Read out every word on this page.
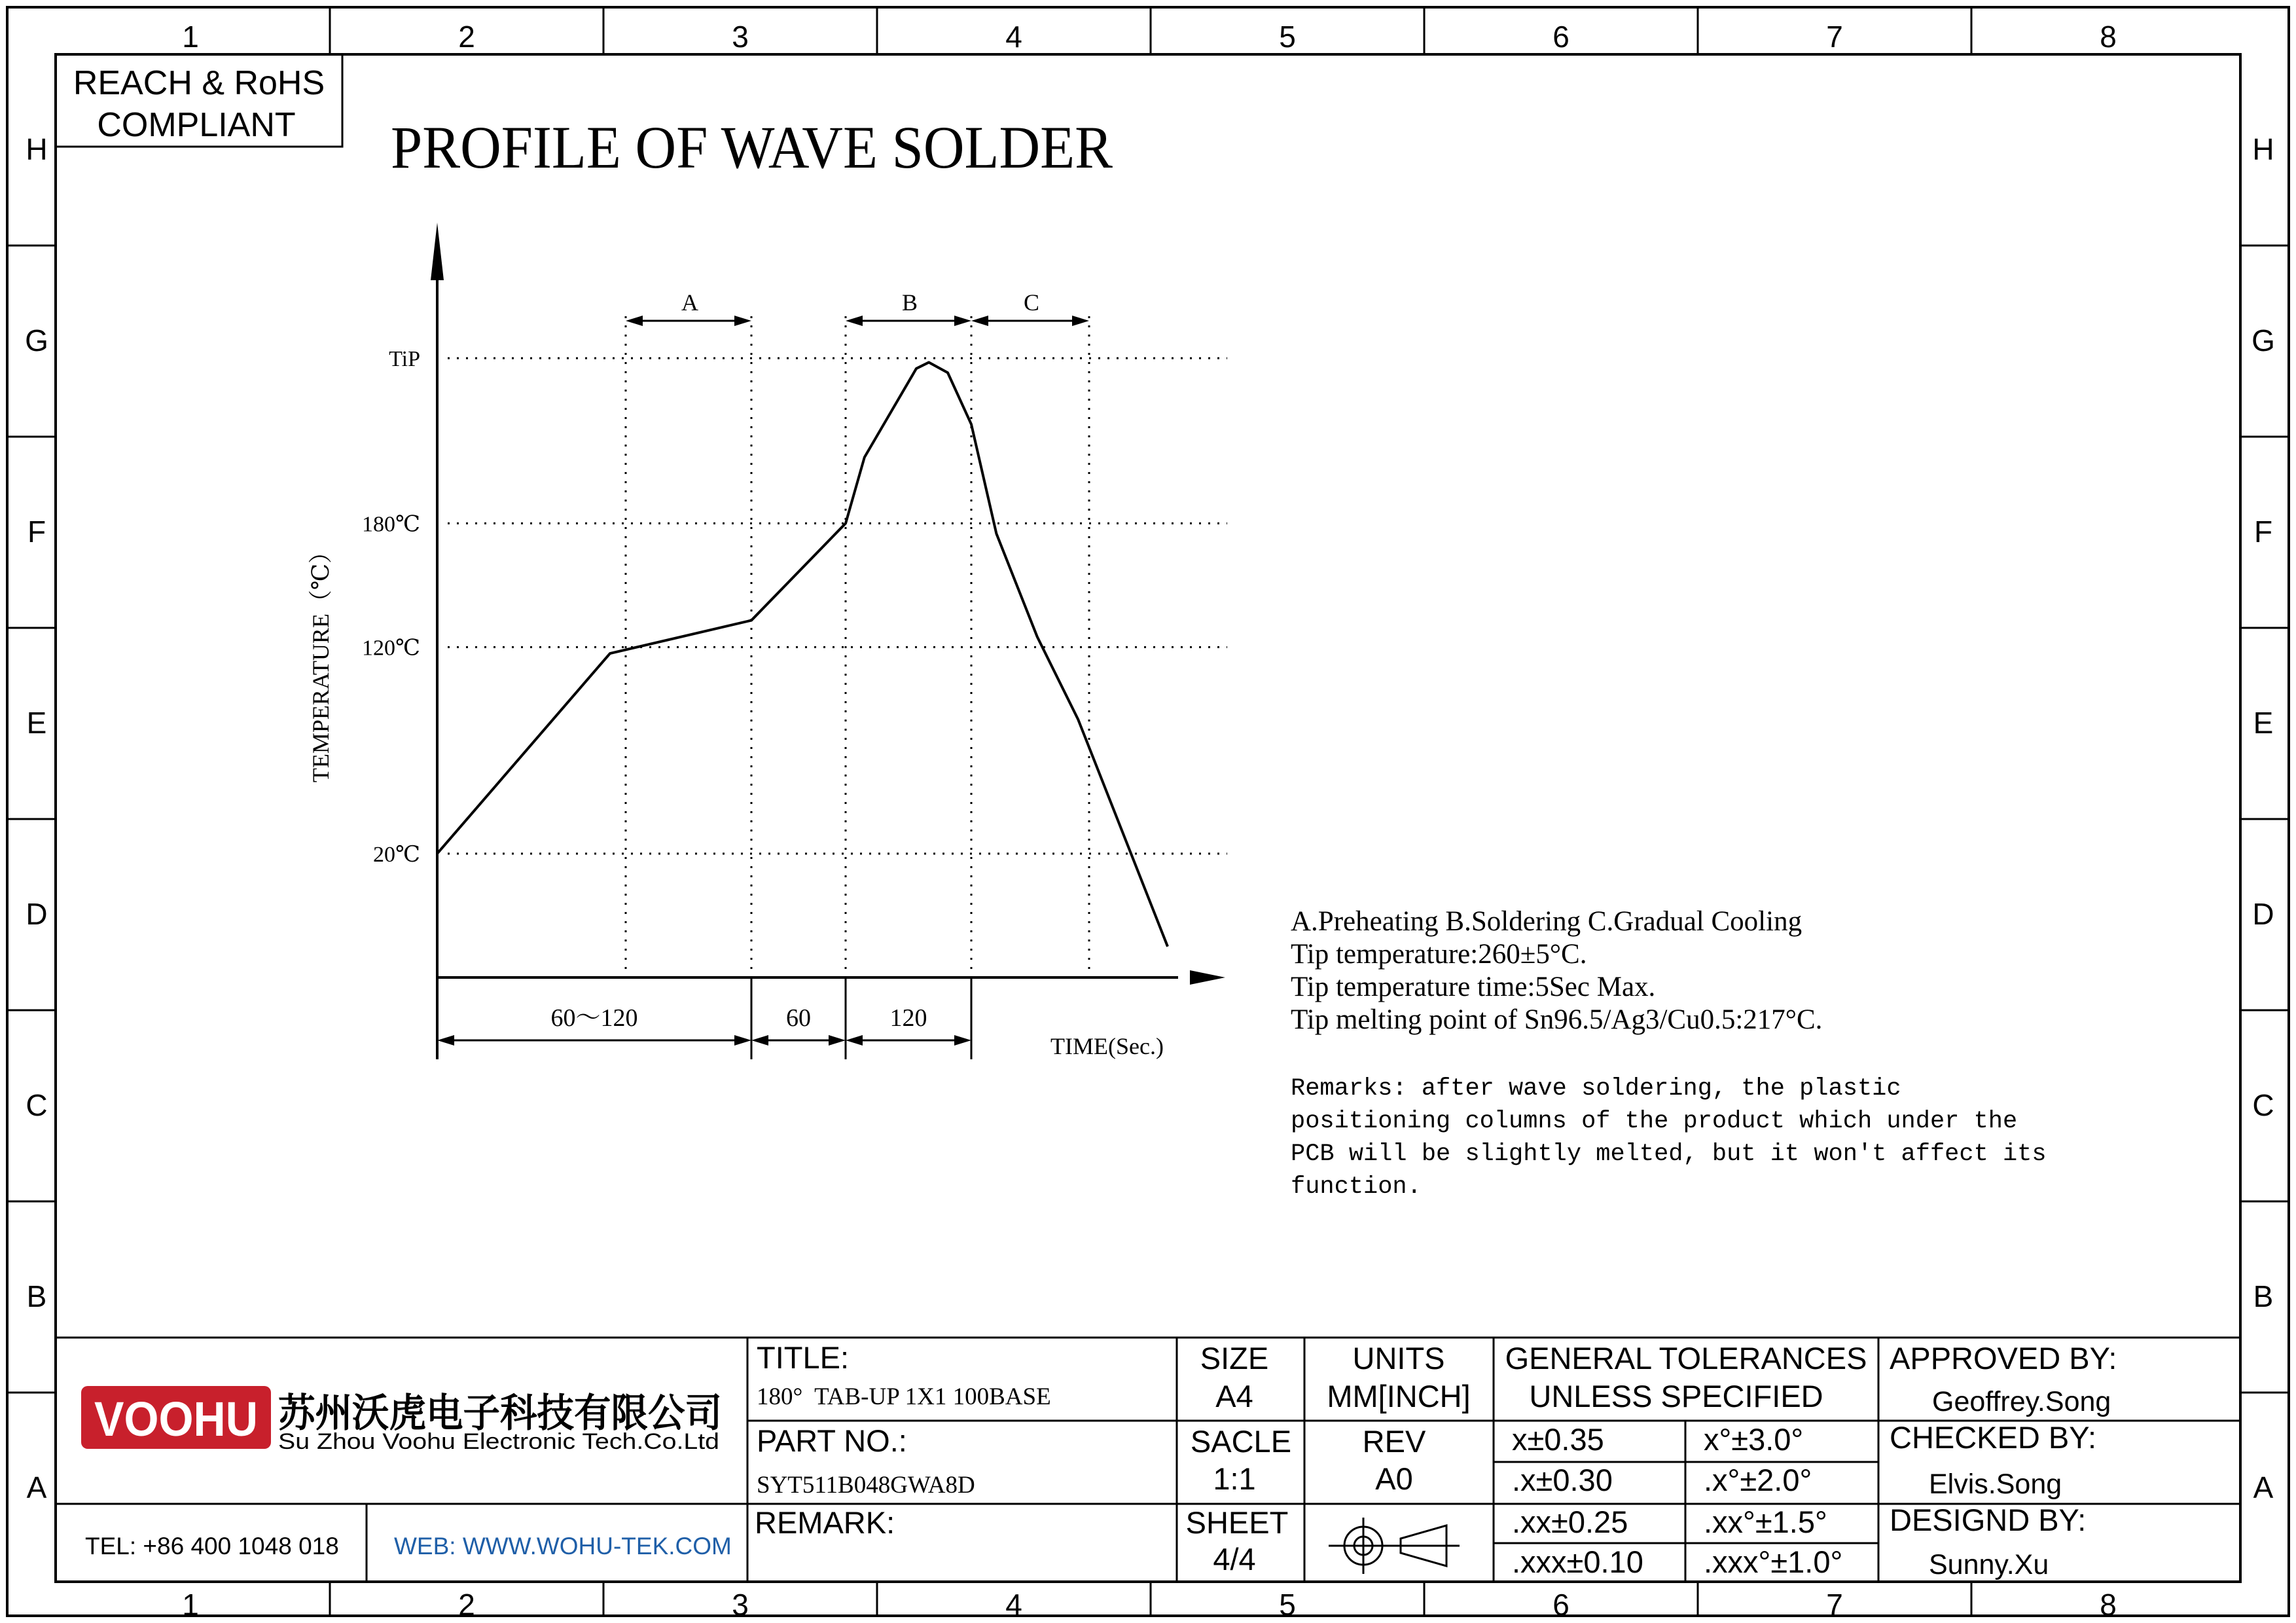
1
1
2
2
3
3
4
4
5
5
6
6
7
7
8
8
H	H
G	G
F	F
E	E
D	D
C	C
B	B
A	A
REACH & RoHS
COMPLIANT PROFILE OF WAVE SOLDER
A	B	C
60～120	60	120
TiP
180℃
120℃
20℃
TEMPERATURE（℃）
TIME(Sec.)
A.Preheating B.Soldering C.Gradual Cooling
Tip temperature:260±5°C.
Tip temperature time:5Sec Max.
Tip melting point of Sn96.5/Ag3/Cu0.5:217°C.
Remarks: after wave soldering, the plastic
positioning columns of the product which under the
PCB will be slightly melted, but it won't affect its
function.
VOOHU 苏州沃虎电子科技有限公司
Su Zhou Voohu Electronic Tech.Co.Ltd
TEL: +86 400 1048 018 WEB: WWW.WOHU-TEK.COM
TITLE:
180°  TAB-UP 1X1 100BASE
PART NO.:
SYT511B048GWA8D
REMARK:
SIZE
A4
SACLE
1:1
SHEET
4/4
UNITS
MM[INCH]
REV
A0
GENERAL TOLERANCES
UNLESS SPECIFIED
x±0.35	x°±3.0°
.x±0.30	.x°±2.0°
.xx±0.25 .xx°±1.5°
.xxx±0.10 .xxx°±1.0°
APPROVED BY:
Geoffrey.Song
CHECKED BY:
Elvis.Song
DESIGND BY:
Sunny.Xu
